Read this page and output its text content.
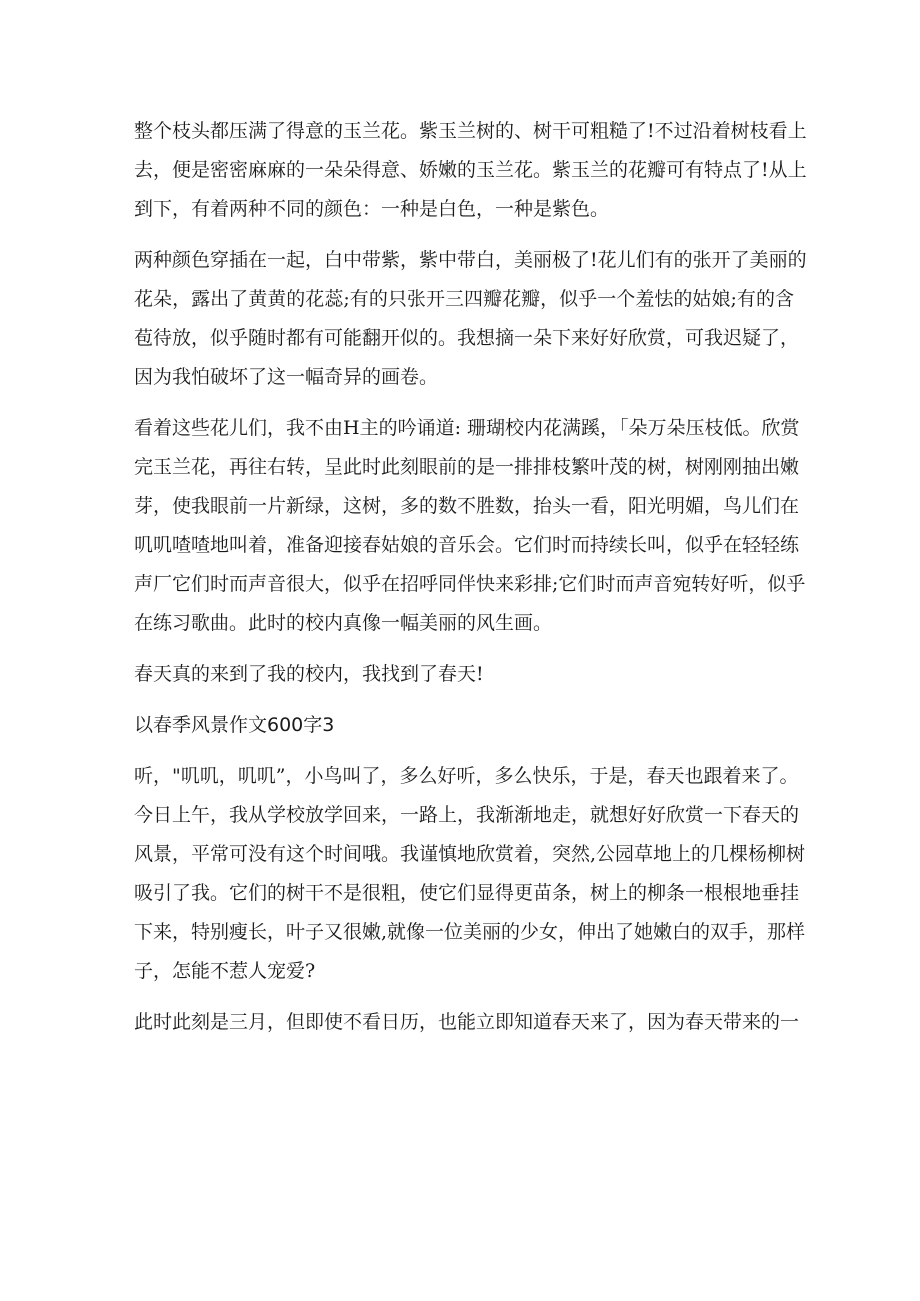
整个枝头都压满了得意的玉兰花。紫玉兰树的、树干可粗糙了!不过沿着树枝看上
去，便是密密麻麻的一朵朵得意、娇嫩的玉兰花。紫玉兰的花瓣可有特点了!从上
到下，有着两种不同的颜色：一种是白色，一种是紫色。

两种颜色穿插在一起，白中带紫，紫中带白，美丽极了!花儿们有的张开了美丽的
花朵，露出了黄黄的花蕊;有的只张开三四瓣花瓣，似乎一个羞怯的姑娘;有的含
苞待放，似乎随时都有可能翻开似的。我想摘一朵下来好好欣赏，可我迟疑了，
因为我怕破坏了这一幅奇异的画卷。

看着这些花儿们，我不由H主的吟诵道: 珊瑚校内花满蹊，「朵万朵压枝低。欣赏
完玉兰花，再往右转，呈此时此刻眼前的是一排排枝繁叶茂的树，树刚刚抽出嫩
芽，使我眼前一片新绿，这树，多的数不胜数，抬头一看，阳光明媚，鸟儿们在
叽叽喳喳地叫着，准备迎接春姑娘的音乐会。它们时而持续长叫，似乎在轻轻练
声厂它们时而声音很大，似乎在招呼同伴快来彩排;它们时而声音宛转好听，似乎
在练习歌曲。此时的校内真像一幅美丽的风生画。

春天真的来到了我的校内，我找到了春天!

以春季风景作文600字3

听，"叽叽，叽叽”，小鸟叫了，多么好听，多么快乐，于是，春天也跟着来了。
今日上午，我从学校放学回来，一路上，我渐渐地走，就想好好欣赏一下春天的
风景，平常可没有这个时间哦。我谨慎地欣赏着，突然,公园草地上的几棵杨柳树
吸引了我。它们的树干不是很粗，使它们显得更苗条，树上的柳条一根根地垂挂
下来，特别瘦长，叶子又很嫩,就像一位美丽的少女，伸出了她嫩白的双手，那样
子，怎能不惹人宠爱?

此时此刻是三月，但即使不看日历，也能立即知道春天来了，因为春天带来的一
